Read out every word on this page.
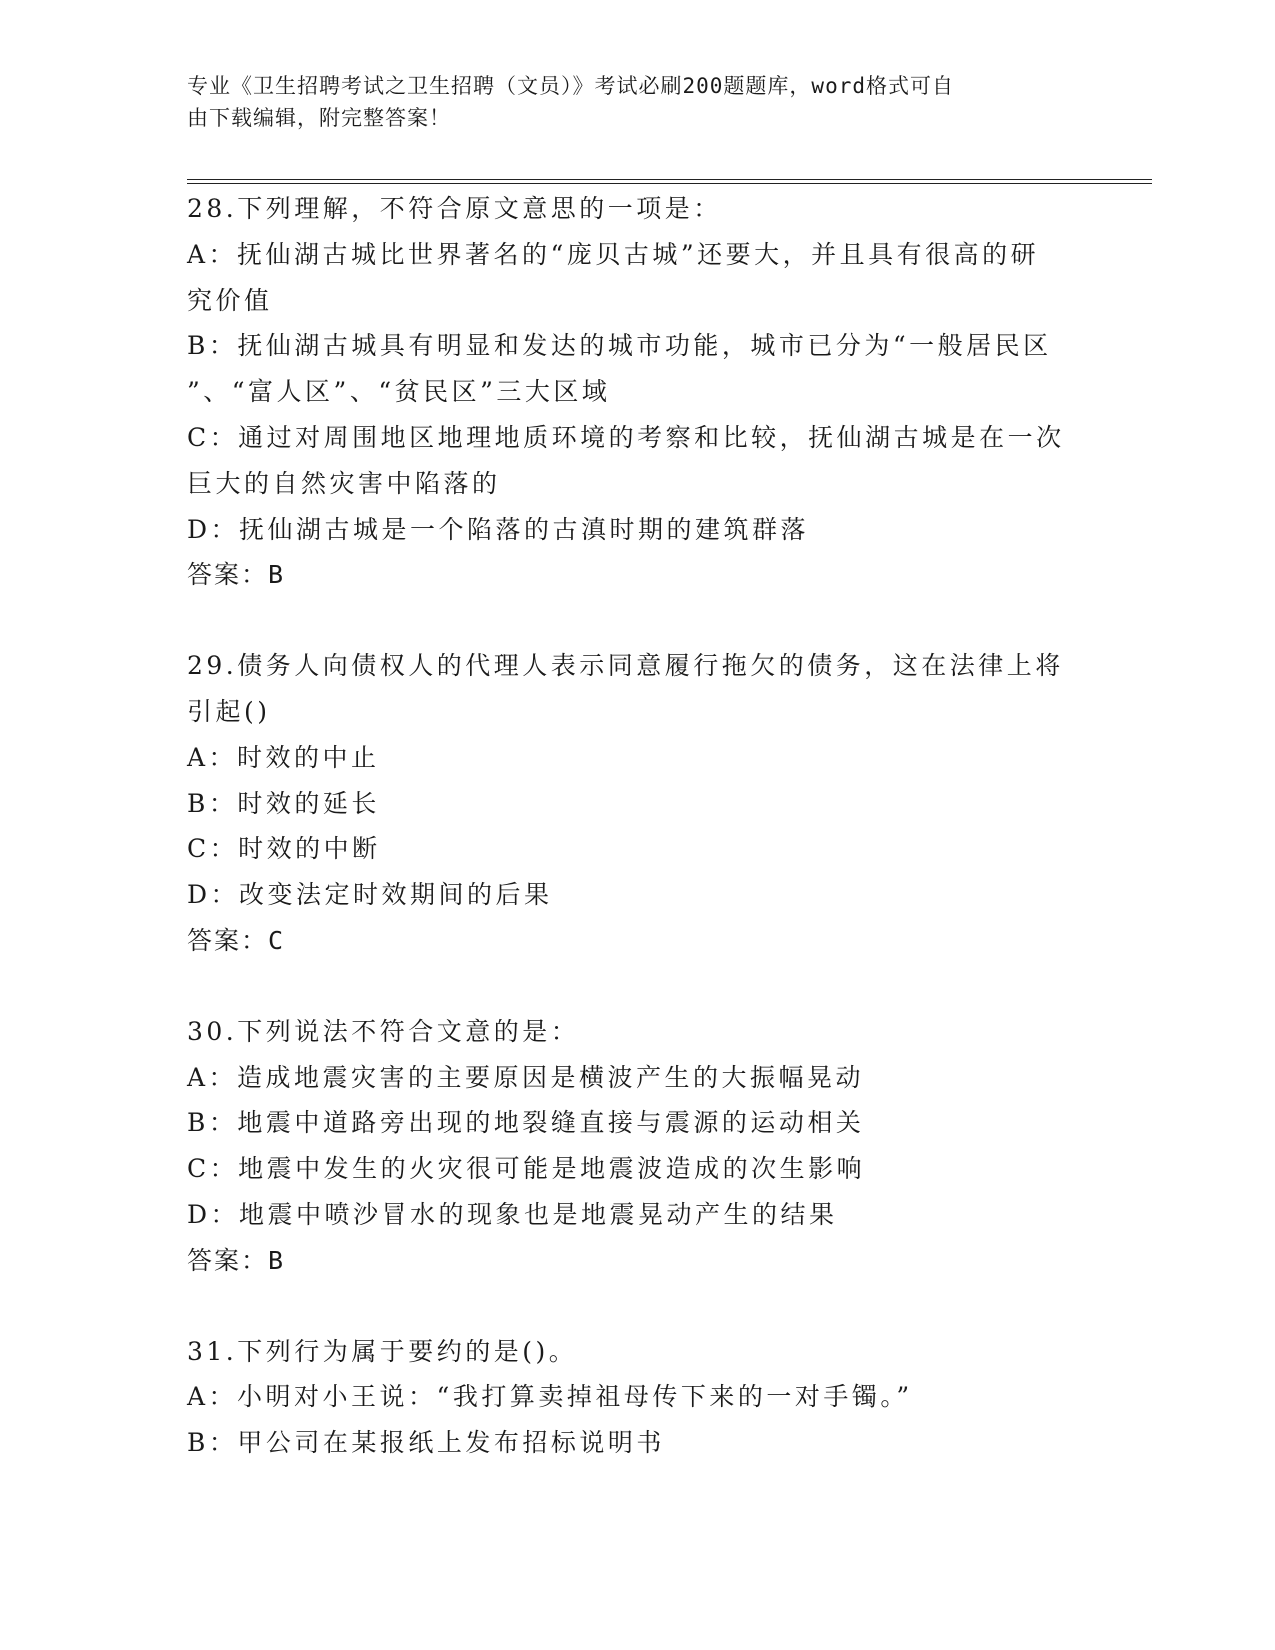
专业《卫生招聘考试之卫生招聘（文员）》考试必刷200题题库，word格式可自
由下载编辑，附完整答案！
28.下列理解，不符合原文意思的一项是：
A：抚仙湖古城比世界著名的“庞贝古城”还要大，并且具有很高的研
究价值
B：抚仙湖古城具有明显和发达的城市功能，城市已分为“一般居民区
”、“富人区”、“贫民区”三大区域
C：通过对周围地区地理地质环境的考察和比较，抚仙湖古城是在一次
巨大的自然灾害中陷落的
D：抚仙湖古城是一个陷落的古滇时期的建筑群落
答案：B
29.债务人向债权人的代理人表示同意履行拖欠的债务，这在法律上将
引起()
A：时效的中止
B：时效的延长
C：时效的中断
D：改变法定时效期间的后果
答案：C
30.下列说法不符合文意的是：
A：造成地震灾害的主要原因是横波产生的大振幅晃动
B：地震中道路旁出现的地裂缝直接与震源的运动相关
C：地震中发生的火灾很可能是地震波造成的次生影响
D：地震中喷沙冒水的现象也是地震晃动产生的结果
答案：B
31.下列行为属于要约的是()。
A：小明对小王说：“我打算卖掉祖母传下来的一对手镯。”
B：甲公司在某报纸上发布招标说明书
